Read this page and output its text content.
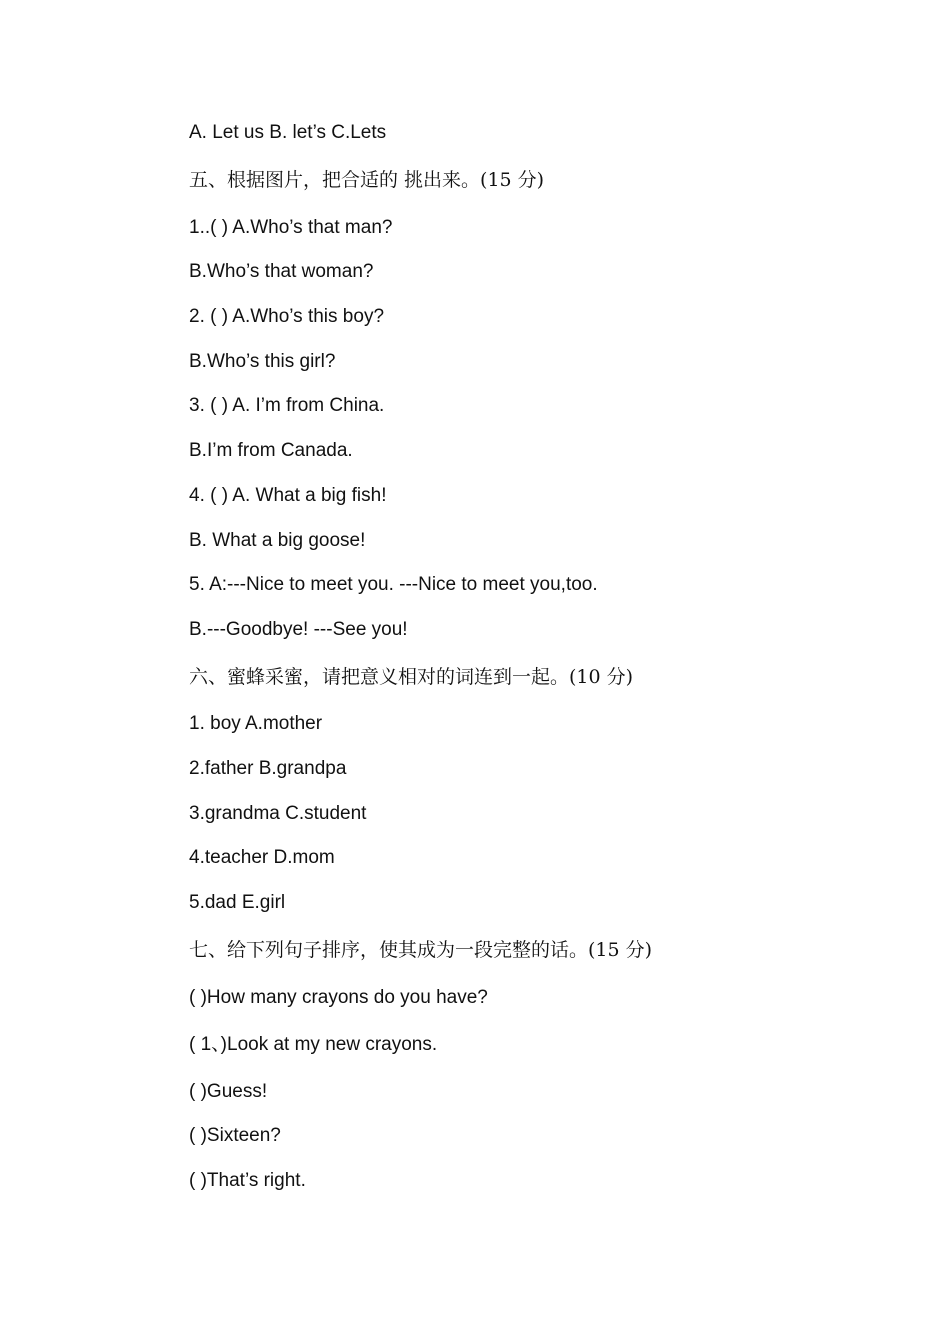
A. Let us B. let’s C.Lets
五、根据图片，把合适的 挑出来。(15 分)
1..( ) A.Who’s that man?
B.Who’s that woman?
2. ( ) A.Who’s this boy?
B.Who’s this girl?
3. ( ) A. I’m from China.
B.I’m from Canada.
4. ( ) A. What a big fish!
B. What a big goose!
5. A:---Nice to meet you. ---Nice to meet you,too.
B.---Goodbye! ---See you!
六、蜜蜂采蜜，请把意义相对的词连到一起。(10 分)
1. boy A.mother
2.father B.grandpa
3.grandma C.student
4.teacher D.mom
5.dad E.girl
七、给下列句子排序，使其成为一段完整的话。(15 分)
( )How many crayons do you have?
( 1、)Look at my new crayons.
( )Guess!
( )Sixteen?
( )That’s right.
